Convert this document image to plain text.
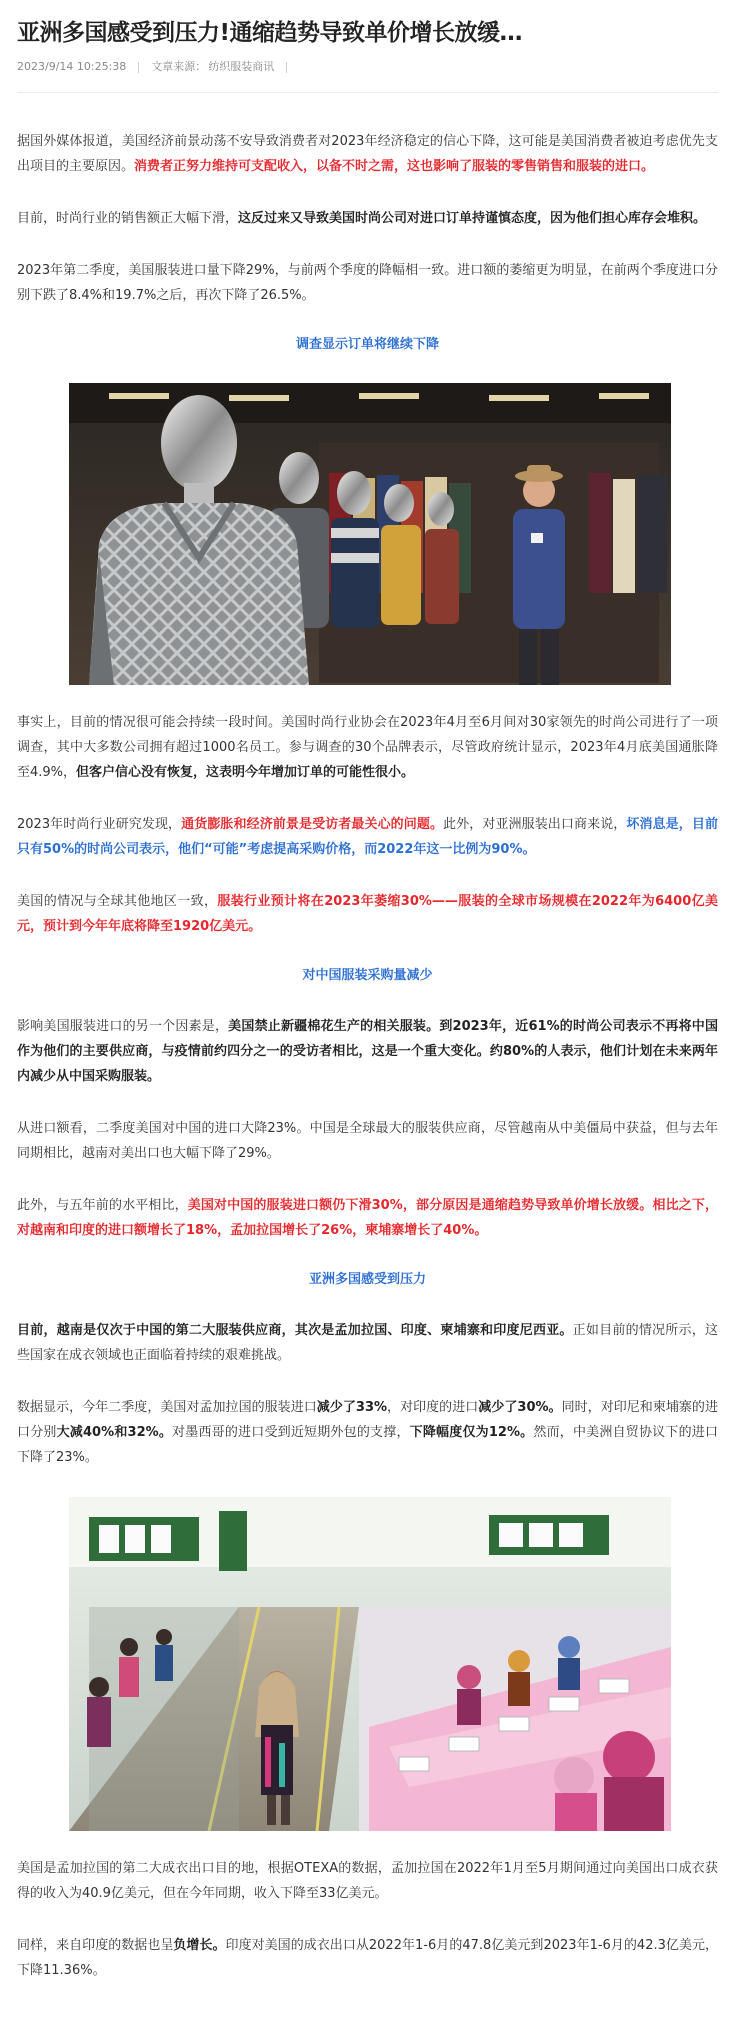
亚洲多国感受到压力!通缩趋势导致单价增长放缓…
2023/9/14 10:25:38 文章来源： 纺织服装商讯

据国外媒体报道，美国经济前景动荡不安导致消费者对2023年经济稳定的信心下降，这可能是美国消费者被迫考虑优先支出项目的主要原因。消费者正努力维持可支配收入，以备不时之需，这也影响了服装的零售销售和服装的进口。

目前，时尚行业的销售额正大幅下滑，这反过来又导致美国时尚公司对进口订单持谨慎态度，因为他们担心库存会堆积。

2023年第二季度，美国服装进口量下降29%，与前两个季度的降幅相一致。进口额的萎缩更为明显，在前两个季度进口分别下跌了8.4%和19.7%之后，再次下降了26.5%。

调查显示订单将继续下降

事实上，目前的情况很可能会持续一段时间。美国时尚行业协会在2023年4月至6月间对30家领先的时尚公司进行了一项调查，其中大多数公司拥有超过1000名员工。参与调查的30个品牌表示，尽管政府统计显示，2023年4月底美国通胀降至4.9%，但客户信心没有恢复，这表明今年增加订单的可能性很小。

2023年时尚行业研究发现，通货膨胀和经济前景是受访者最关心的问题。此外，对亚洲服装出口商来说，坏消息是，目前只有50%的时尚公司表示，他们“可能”考虑提高采购价格，而2022年这一比例为90%。

美国的情况与全球其他地区一致，服装行业预计将在2023年萎缩30%——服装的全球市场规模在2022年为6400亿美元，预计到今年年底将降至1920亿美元。

对中国服装采购量减少

影响美国服装进口的另一个因素是，美国禁止新疆棉花生产的相关服装。到2023年，近61%的时尚公司表示不再将中国作为他们的主要供应商，与疫情前约四分之一的受访者相比，这是一个重大变化。约80%的人表示，他们计划在未来两年内减少从中国采购服装。

从进口额看，二季度美国对中国的进口大降23%。中国是全球最大的服装供应商，尽管越南从中美僵局中获益，但与去年同期相比，越南对美出口也大幅下降了29%。

此外，与五年前的水平相比，美国对中国的服装进口额仍下滑30%，部分原因是通缩趋势导致单价增长放缓。相比之下，对越南和印度的进口额增长了18%，孟加拉国增长了26%，柬埔寨增长了40%。

亚洲多国感受到压力

目前，越南是仅次于中国的第二大服装供应商，其次是孟加拉国、印度、柬埔寨和印度尼西亚。正如目前的情况所示，这些国家在成衣领域也正面临着持续的艰难挑战。

数据显示，今年二季度，美国对孟加拉国的服装进口减少了33%，对印度的进口减少了30%。同时，对印尼和柬埔寨的进口分别大减40%和32%。对墨西哥的进口受到近短期外包的支撑，下降幅度仅为12%。然而，中美洲自贸协议下的进口下降了23%。

美国是孟加拉国的第二大成衣出口目的地，根据OTEXA的数据，孟加拉国在2022年1月至5月期间通过向美国出口成衣获得的收入为40.9亿美元，但在今年同期，收入下降至33亿美元。

同样，来自印度的数据也呈负增长。印度对美国的成衣出口从2022年1-6月的47.8亿美元到2023年1-6月的42.3亿美元，下降11.36%。
